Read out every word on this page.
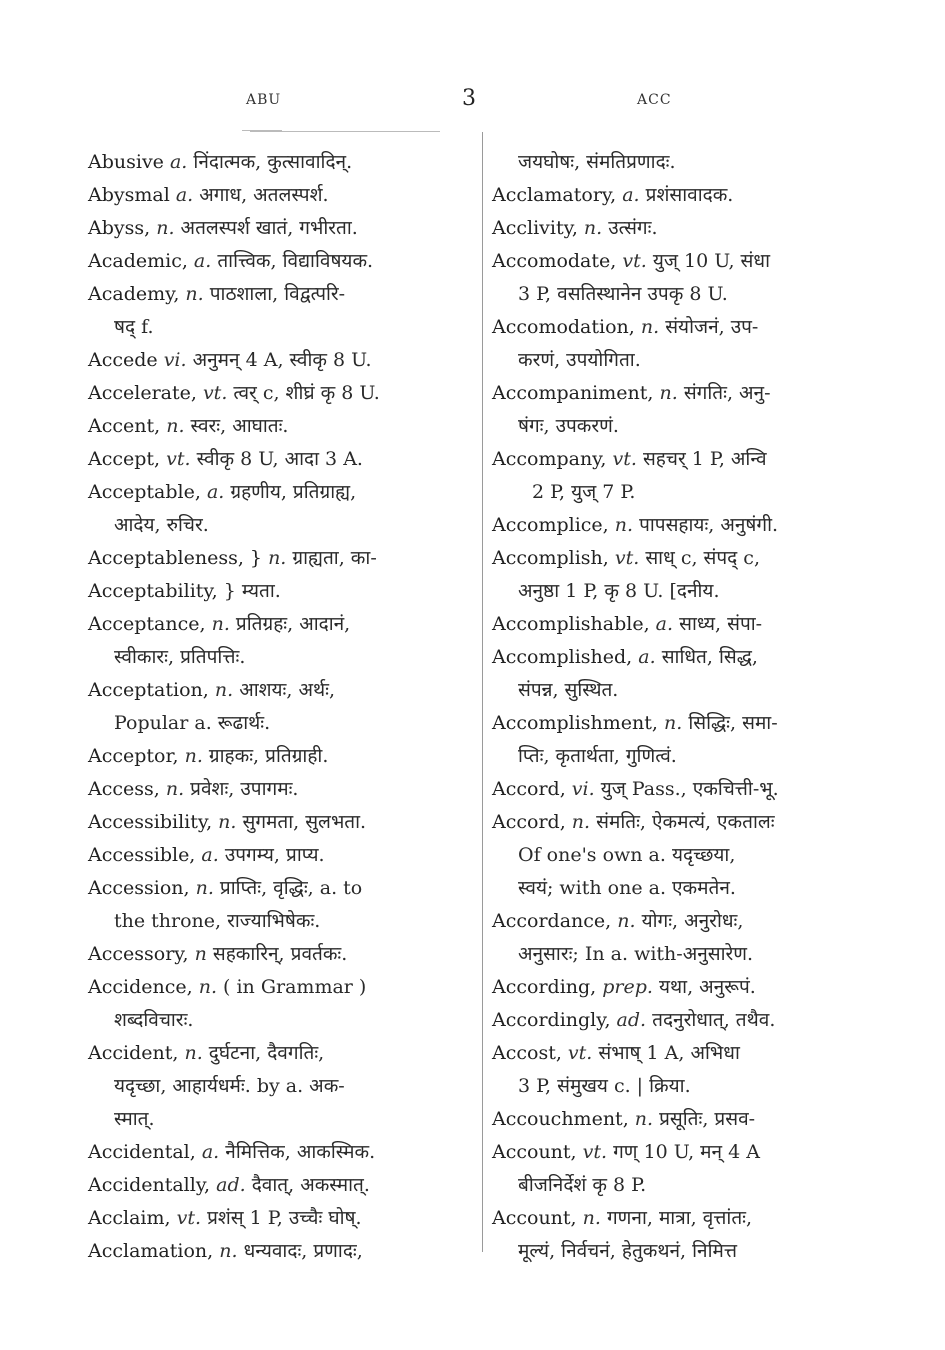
ABU	3	ACC
Abusive a. निंदात्मक, कुत्सावादिन्.
Abysmal a. अगाध, अतलस्पर्श.
Abyss, n. अतलस्पर्श खातं, गभीरता.
Academic, a. तात्त्विक, विद्याविषयक.
Academy, n. पाठशाला, विद्वत्परि-
षद् f.
Accede vi. अनुमन् 4 A, स्वीकृ 8 U.
Accelerate, vt. त्वर् c, शीघ्रं कृ 8 U.
Accent, n. स्वरः, आघातः.
Accept, vt. स्वीकृ 8 U, आदा 3 A.
Acceptable, a. ग्रहणीय, प्रतिग्राह्य,
आदेय, रुचिर.
Acceptableness, } n. ग्राह्यता, का-
Acceptability, } म्यता.
Acceptance, n. प्रतिग्रहः, आदानं,
स्वीकारः, प्रतिपत्तिः.
Acceptation, n. आशयः, अर्थः,
Popular a. रूढार्थः.
Acceptor, n. ग्राहकः, प्रतिग्राही.
Access, n. प्रवेशः, उपागमः.
Accessibility, n. सुगमता, सुलभता.
Accessible, a. उपगम्य, प्राप्य.
Accession, n. प्राप्तिः, वृद्धिः, a. to
the throne, राज्याभिषेकः.
Accessory, n सहकारिन्, प्रवर्तकः.
Accidence, n. ( in Grammar )
शब्दविचारः.
Accident, n. दुर्घटना, दैवगतिः,
यदृच्छा, आहार्यधर्मः. by a. अक-
स्मात्.
Accidental, a. नैमित्तिक, आकस्मिक.
Accidentally, ad. दैवात्, अकस्मात्.
Acclaim, vt. प्रशंस् 1 P, उच्चैः घोष्.
Acclamation, n. धन्यवादः, प्रणादः,
जयघोषः, संमतिप्रणादः.
Acclamatory, a. प्रशंसावादक.
Acclivity, n. उत्संगः.
Accomodate, vt. युज् 10 U, संधा
3 P, वसतिस्थानेन उपकृ 8 U.
Accomodation, n. संयोजनं, उप-
करणं, उपयोगिता.
Accompaniment, n. संगतिः, अनु-
षंगः, उपकरणं.
Accompany, vt. सहचर् 1 P, अन्वि
2 P, युज् 7 P.
Accomplice, n. पापसहायः, अनुषंगी.
Accomplish, vt. साध् c, संपद् c,
अनुष्ठा 1 P, कृ 8 U. [दनीय.
Accomplishable, a. साध्य, संपा-
Accomplished, a. साधित, सिद्ध,
संपन्न, सुस्थित.
Accomplishment, n. सिद्धिः, समा-
प्तिः, कृतार्थता, गुणित्वं.
Accord, vi. युज् Pass., एकचित्ती-भू.
Accord, n. संमतिः, ऐकमत्यं, एकतालः
Of one's own a. यदृच्छया,
स्वयं; with one a. एकमतेन.
Accordance, n. योगः, अनुरोधः,
अनुसारः; In a. with-अनुसारेण.
According, prep. यथा, अनुरूपं.
Accordingly, ad. तदनुरोधात्, तथैव.
Accost, vt. संभाष् 1 A, अभिधा
3 P, संमुखय c. | क्रिया.
Accouchment, n. प्रसूतिः, प्रसव-
Account, vt. गण् 10 U, मन् 4 A
बीजनिर्देशं कृ 8 P.
Account, n. गणना, मात्रा, वृत्तांतः,
मूल्यं, निर्वचनं, हेतुकथनं, निमित्त
